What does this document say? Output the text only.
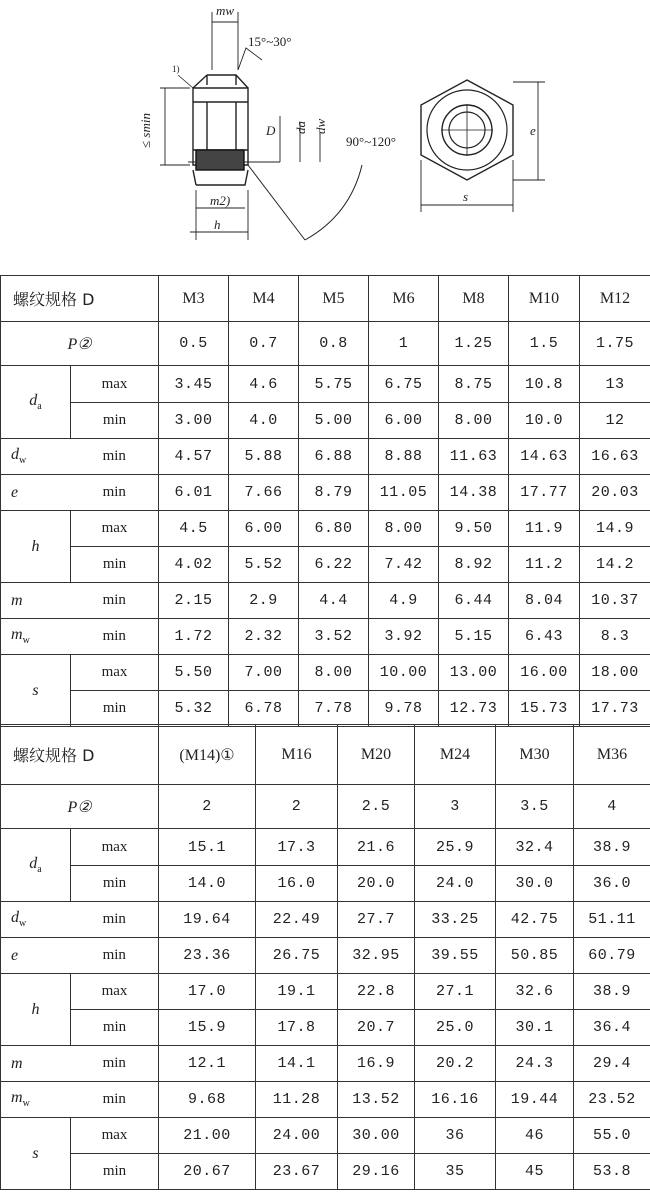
mw
15°~30°
1)
≤ smin	D da dw
90°~120°
e
m2)
h
s
螺纹规格 D		M3	M4	M5	M6	M8	M10	M12
P②		0.5	0.7	0.8	1	1.25	1.5	1.75
$d_a$	max	3.45	4.6	5.75	6.75	8.75	10.8	13
	min	3.00	4.0	5.00	6.00	8.00	10.0	12
$d_w$	min	4.57	5.88	6.88	8.88	11.63	14.63	16.63
e	min	6.01	7.66	8.79	11.05	14.38	17.77	20.03
h	max	4.5	6.00	6.80	8.00	9.50	11.9	14.9
	min	4.02	5.52	6.22	7.42	8.92	11.2	14.2
m	min	2.15	2.9	4.4	4.9	6.44	8.04	10.37
$m_w$	min	1.72	2.32	3.52	3.92	5.15	6.43	8.3
s	max	5.50	7.00	8.00	10.00	13.00	16.00	18.00
	min	5.32	6.78	7.78	9.78	12.73	15.73	17.73
螺纹规格 D		(M14)①	M16	M20	M24	M30	M36
P②		2	2	2.5	3	3.5	4
$d_a$	max	15.1	17.3	21.6	25.9	32.4	38.9
	min	14.0	16.0	20.0	24.0	30.0	36.0
$d_w$	min	19.64	22.49	27.7	33.25	42.75	51.11
e	min	23.36	26.75	32.95	39.55	50.85	60.79
h	max	17.0	19.1	22.8	27.1	32.6	38.9
	min	15.9	17.8	20.7	25.0	30.1	36.4
m	min	12.1	14.1	16.9	20.2	24.3	29.4
$m_w$	min	9.68	11.28	13.52	16.16	19.44	23.52
s	max	21.00	24.00	30.00	36	46	55.0
	min	20.67	23.67	29.16	35	45	53.8
